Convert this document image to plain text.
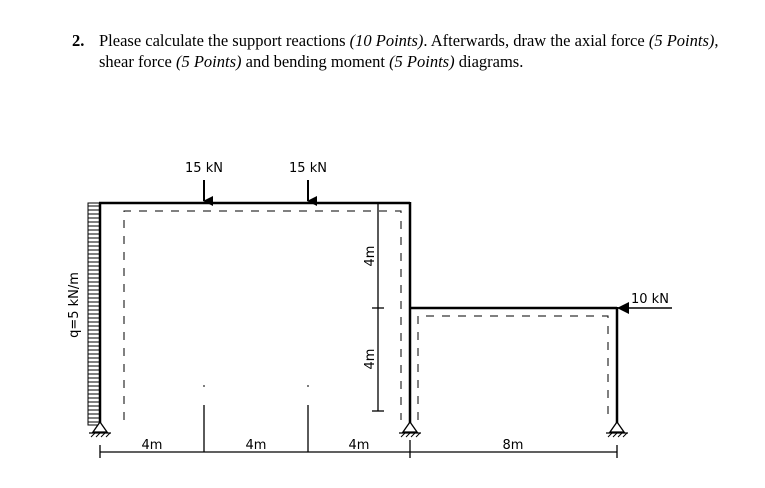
2. Please calculate the support reactions (10 Points). Afterwards, draw the axial force (5 Points), shear force (5 Points) and bending moment (5 Points) diagrams.
q=5 kN/m
15 kN	15 kN
10 kN
4m	4m	4m	8m
4m
4m
